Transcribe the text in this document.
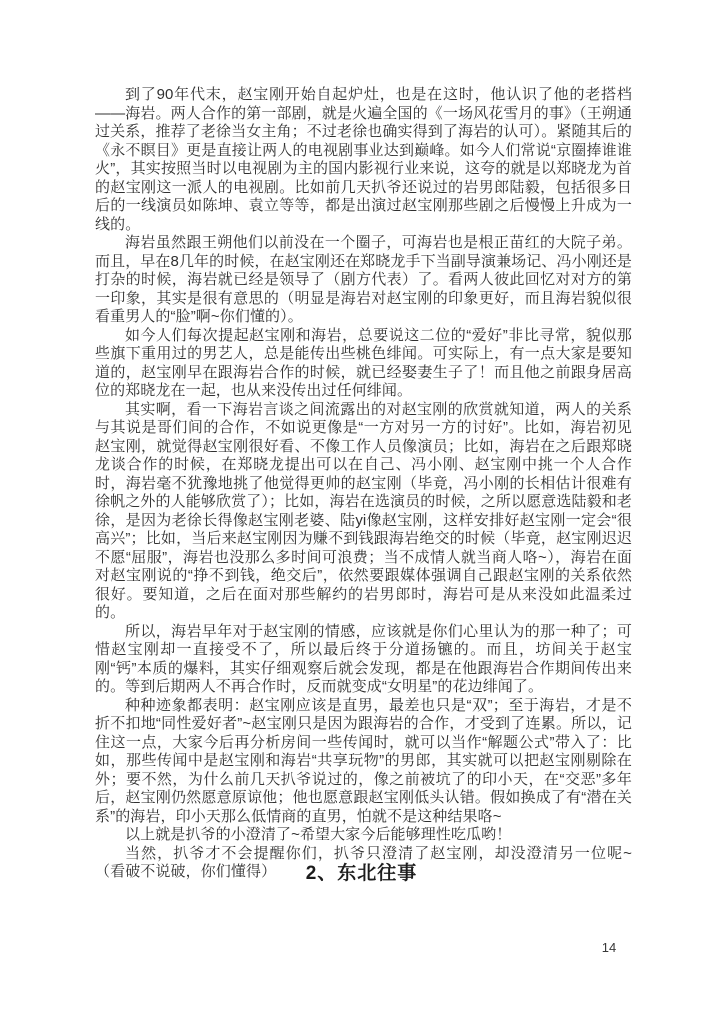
到了90年代末，赵宝刚开始自起炉灶，也是在这时，他认识了他的老搭档——海岩。两人合作的第一部剧，就是火遍全国的《一场风花雪月的事》（王朔通过关系，推荐了老徐当女主角；不过老徐也确实得到了海岩的认可）。紧随其后的《永不瞑目》更是直接让两人的电视剧事业达到巅峰。如今人们常说“京圈捧谁谁火”，其实按照当时以电视剧为主的国内影视行业来说，这夸的就是以郑晓龙为首的赵宝刚这一派人的电视剧。比如前几天扒爷还说过的岩男郎陆毅，包括很多日后的一线演员如陈坤、袁立等等，都是出演过赵宝刚那些剧之后慢慢上升成为一线的。

海岩虽然跟王朔他们以前没在一个圈子，可海岩也是根正苗红的大院子弟。而且，早在8几年的时候，在赵宝刚还在郑晓龙手下当副导演兼场记、冯小刚还是打杂的时候，海岩就已经是领导了（剧方代表）了。看两人彼此回忆对对方的第一印象，其实是很有意思的（明显是海岩对赵宝刚的印象更好，而且海岩貌似很看重男人的“脸”啊~你们懂的）。

如今人们每次提起赵宝刚和海岩，总要说这二位的“爱好”非比寻常，貌似那些旗下重用过的男艺人，总是能传出些桃色绯闻。可实际上，有一点大家是要知道的，赵宝刚早在跟海岩合作的时候，就已经娶妻生子了！而且他之前跟身居高位的郑晓龙在一起，也从来没传出过任何绯闻。

其实啊，看一下海岩言谈之间流露出的对赵宝刚的欣赏就知道，两人的关系与其说是哥们间的合作，不如说更像是“一方对另一方的讨好”。比如，海岩初见赵宝刚，就觉得赵宝刚很好看、不像工作人员像演员；比如，海岩在之后跟郑晓龙谈合作的时候，在郑晓龙提出可以在自己、冯小刚、赵宝刚中挑一个人合作时，海岩毫不犹豫地挑了他觉得更帅的赵宝刚（毕竟，冯小刚的长相估计很难有徐帆之外的人能够欣赏了）；比如，海岩在选演员的时候，之所以愿意选陆毅和老徐，是因为老徐长得像赵宝刚老婆、陆yi像赵宝刚，这样安排好赵宝刚一定会“很高兴”；比如，当后来赵宝刚因为赚不到钱跟海岩绝交的时候（毕竟，赵宝刚迟迟不愿“屈服”，海岩也没那么多时间可浪费；当不成情人就当商人咯~），海岩在面对赵宝刚说的“挣不到钱，绝交后”，依然要跟媒体强调自己跟赵宝刚的关系依然很好。要知道，之后在面对那些解约的岩男郎时，海岩可是从来没如此温柔过的。

所以，海岩早年对于赵宝刚的情感，应该就是你们心里认为的那一种了；可惜赵宝刚却一直接受不了，所以最后终于分道扬镳的。而且，坊间关于赵宝刚“钙”本质的爆料，其实仔细观察后就会发现，都是在他跟海岩合作期间传出来的。等到后期两人不再合作时，反而就变成“女明星”的花边绯闻了。

种种迹象都表明：赵宝刚应该是直男，最差也只是“双”；至于海岩，才是不折不扣地“同性爱好者”~赵宝刚只是因为跟海岩的合作，才受到了连累。所以，记住这一点，大家今后再分析房间一些传闻时，就可以当作“解题公式”带入了：比如，那些传闻中是赵宝刚和海岩“共享玩物”的男郎，其实就可以把赵宝刚剔除在外；要不然，为什么前几天扒爷说过的，像之前被坑了的印小天，在“交恶”多年后，赵宝刚仍然愿意原谅他；他也愿意跟赵宝刚低头认错。假如换成了有“潜在关系”的海岩，印小天那么低情商的直男，怕就不是这种结果咯~

以上就是扒爷的小澄清了~希望大家今后能够理性吃瓜哟！

当然，扒爷才不会提醒你们，扒爷只澄清了赵宝刚，却没澄清另一位呢~（看破不说破，你们懂得）	2、东北往事
14
